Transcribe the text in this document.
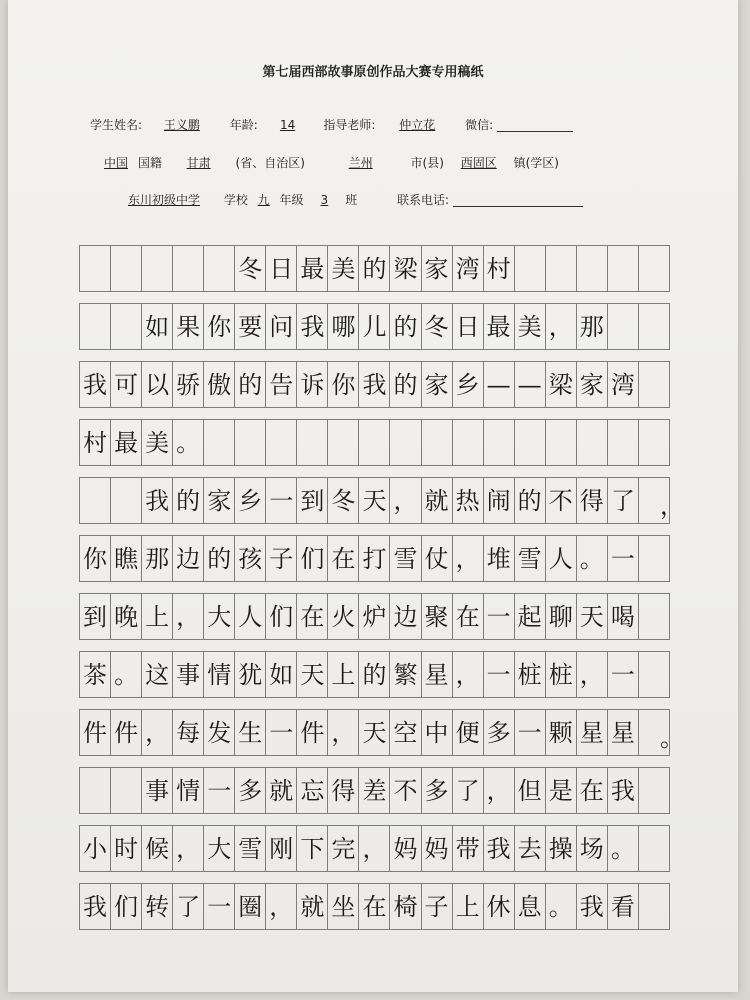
第七届西部故事原创作品大赛专用稿纸
学生姓名: 王义鹏 年龄: 14 指导老师: 仲立花 微信:
中国 国籍 甘肃 (省、自治区)	兰州	市(县) 西固区 镇(学区)
东川初级中学 学校 九 年级 3 班	联系电话:
冬 日 最 美 的 梁 家 湾 村
如 果 你 要 问 我 哪 儿 的 冬 日 最 美 ， 那
我 可 以 骄 傲 的 告 诉 你 我 的 家 乡 — — 梁 家 湾
村 最 美 。
我 的 家 乡 一 到 冬 天 ， 就 热 闹 的 不 得 了 ，
你 瞧 那 边 的 孩 子 们 在 打 雪 仗 ， 堆 雪 人 。 一
到 晚 上 ， 大 人 们 在 火 炉 边 聚 在 一 起 聊 天 喝
茶 。 这 事 情 犹 如 天 上 的 繁 星 ， 一 桩 桩 ， 一
件 件 ， 每 发 生 一 件 ， 天 空 中 便 多 一 颗 星 星 。
事 情 一 多 就 忘 得 差 不 多 了 ， 但 是 在 我
小 时 候 ， 大 雪 刚 下 完 ， 妈 妈 带 我 去 操 场 。
我 们 转 了 一 圈 ， 就 坐 在 椅 子 上 休 息 。 我 看
